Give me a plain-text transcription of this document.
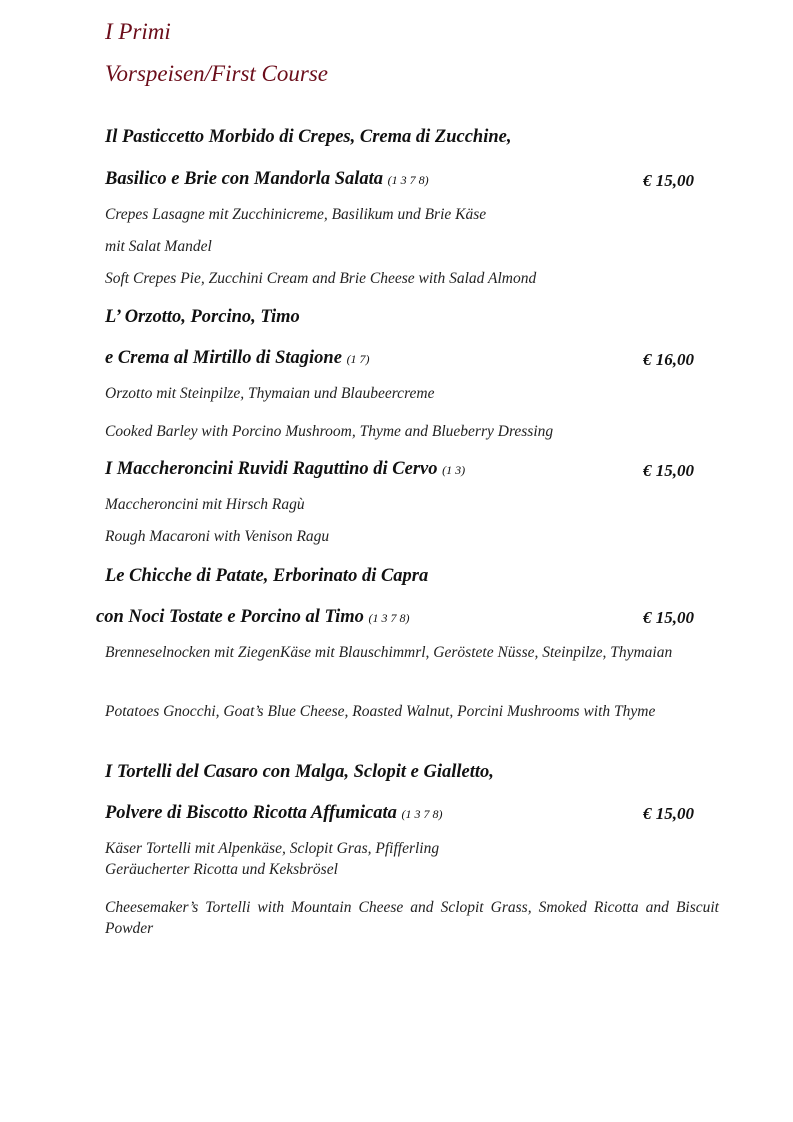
I Primi
Vorspeisen/First Course
Il Pasticcetto Morbido di Crepes, Crema di Zucchine,
Basilico e Brie con Mandorla Salata (1 3 7 8)	€ 15,00
Crepes Lasagne mit Zucchinicreme, Basilikum und Brie Käse
mit Salat Mandel
Soft Crepes Pie, Zucchini Cream and Brie Cheese with Salad Almond
L’ Orzotto, Porcino, Timo
e Crema al Mirtillo di Stagione (1 7)	€ 16,00
Orzotto mit Steinpilze, Thymaian und Blaubeercreme
Cooked Barley with Porcino Mushroom, Thyme and Blueberry Dressing
I Maccheroncini Ruvidi Raguttino di Cervo (1 3)	€ 15,00
Maccheroncini mit Hirsch Ragù
Rough Macaroni with Venison Ragu
Le Chicche di Patate, Erborinato di Capra
con Noci Tostate e Porcino al Timo (1 3 7 8)	€ 15,00
Brenneselnocken mit ZiegenKäse mit Blauschimmrl, Geröstete Nüsse, Steinpilze, Thymaian
Potatoes Gnocchi, Goat’s Blue Cheese, Roasted Walnut, Porcini Mushrooms with Thyme
I Tortelli del Casaro con Malga, Sclopit e Gialletto,
Polvere di Biscotto Ricotta Affumicata (1 3 7 8)	€ 15,00
Käser Tortelli mit Alpenkäse, Sclopit Gras, Pfifferling
Geräucherter Ricotta und Keksbrösel
Cheesemaker’s Tortelli with Mountain Cheese and Sclopit Grass, Smoked Ricotta and Biscuit Powder
